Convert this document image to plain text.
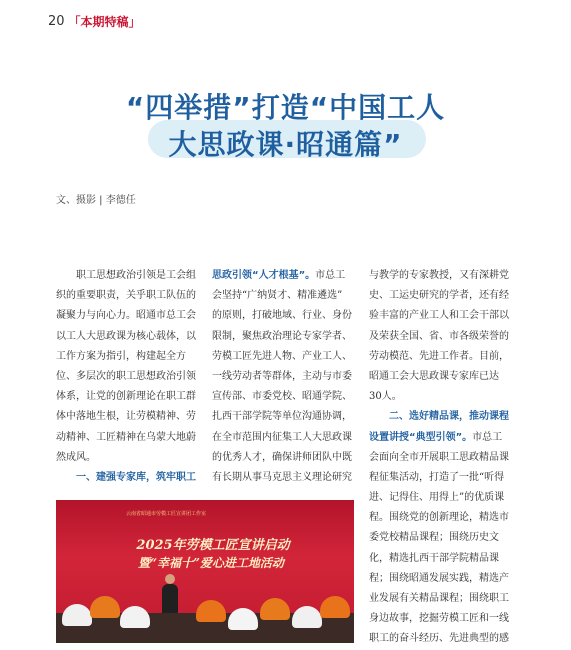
20 「本期特稿」
“四举措”打造“中国工人
大思政课·昭通篇”
文、摄影 | 李德任
　　职工思想政治引领是工会组
织的重要职责，关乎职工队伍的
凝聚力与向心力。昭通市总工会
以工人大思政课为核心载体，以
工作方案为指引，构建起全方
位、多层次的职工思想政治引领
体系，让党的创新理论在职工群
体中落地生根，让劳模精神、劳
动精神、工匠精神在乌蒙大地蔚
然成风。
　　一、建强专家库，筑牢职工
思政引领“人才根基”。市总工
会坚持“广纳贤才、精准遴选”
的原则，打破地域、行业、身份
限制，聚焦政治理论专家学者、
劳模工匠先进人物、产业工人、
一线劳动者等群体，主动与市委
宣传部、市委党校、昭通学院、
扎西干部学院等单位沟通协调，
在全市范围内征集工人大思政课
的优秀人才，确保讲师团队中既
有长期从事马克思主义理论研究
与教学的专家教授，又有深耕党
史、工运史研究的学者，还有经
验丰富的产业工人和工会干部以
及荣获全国、省、市各级荣誉的
劳动模范、先进工作者。目前，
昭通工会大思政课专家库已达
30人。
　　二、选好精品课，推动课程
设置讲授“典型引领”。市总工
会面向全市开展职工思政精品课
程征集活动，打造了一批“听得
进、记得住、用得上”的优质课
程。围绕党的创新理论，精选市
委党校精品课程；围绕历史文
化，精选扎西干部学院精品课
程；围绕昭通发展实践，精选产
业发展有关精品课程；围绕职工
身边故事，挖掘劳模工匠和一线
职工的奋斗经历、先进典型的感
云南省昭通市劳模工匠宣讲团工作室
2025年劳模工匠宣讲启动
暨“幸福十”爱心进工地活动
